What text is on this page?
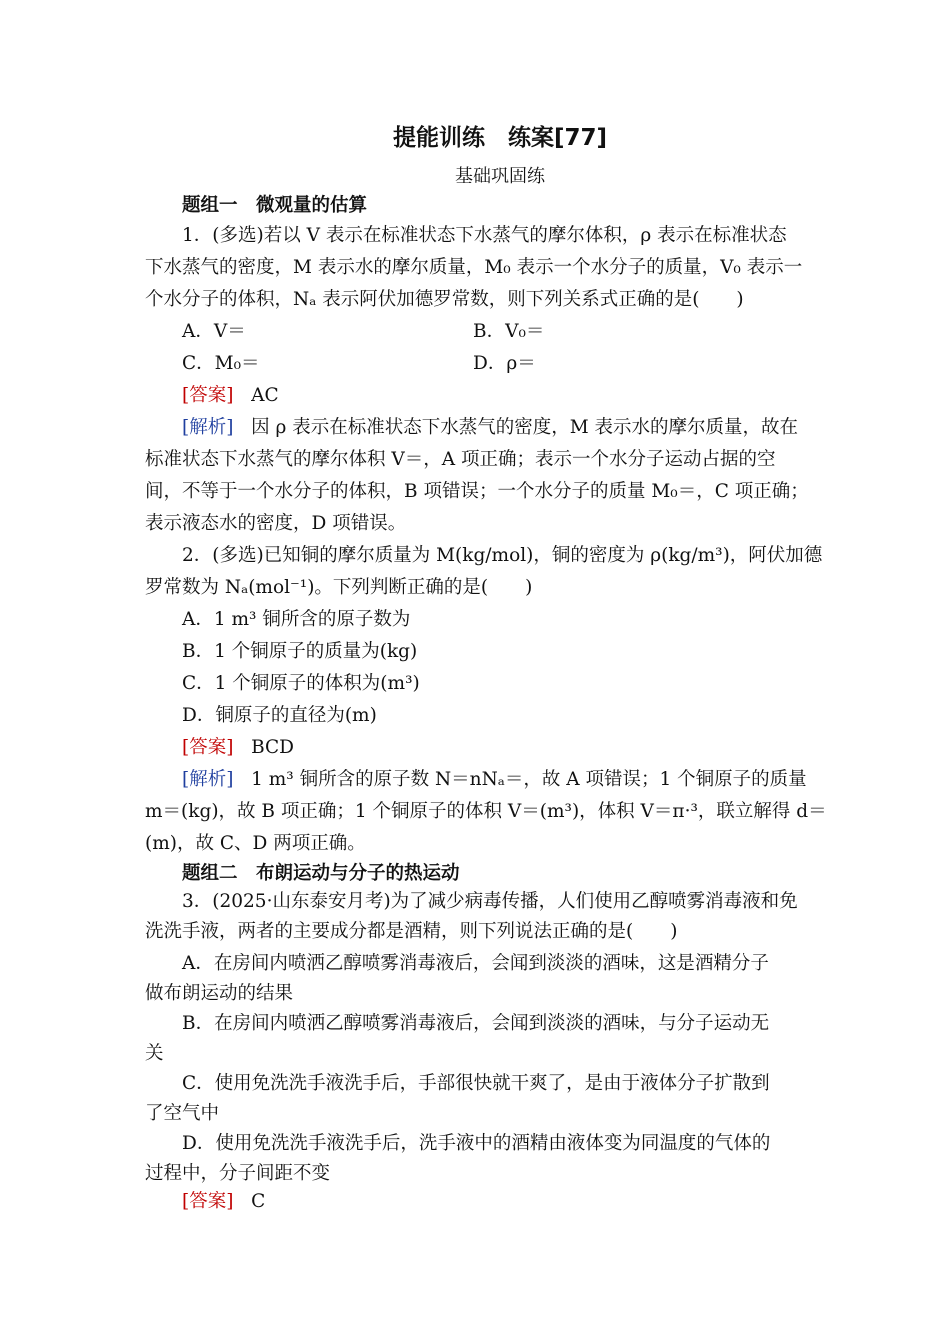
提能训练　练案[77]
基础巩固练
题组一　微观量的估算
1．(多选)若以 V 表示在标准状态下水蒸气的摩尔体积，ρ 表示在标准状态
下水蒸气的密度，M 表示水的摩尔质量，M₀ 表示一个水分子的质量，V₀ 表示一
个水分子的体积，Nₐ 表示阿伏加德罗常数，则下列关系式正确的是(　　)
A．V＝	B．V₀＝
C．M₀＝	D．ρ＝
[答案] AC
[解析] 因 ρ 表示在标准状态下水蒸气的密度，M 表示水的摩尔质量，故在
标准状态下水蒸气的摩尔体积 V＝，A 项正确；表示一个水分子运动占据的空
间，不等于一个水分子的体积，B 项错误；一个水分子的质量 M₀＝，C 项正确；
表示液态水的密度，D 项错误。
2．(多选)已知铜的摩尔质量为 M(kg/mol)，铜的密度为 ρ(kg/m³)，阿伏加德
罗常数为 Nₐ(mol⁻¹)。下列判断正确的是(　　)
A．1 m³ 铜所含的原子数为
B．1 个铜原子的质量为(kg)
C．1 个铜原子的体积为(m³)
D．铜原子的直径为(m)
[答案] BCD
[解析] 1 m³ 铜所含的原子数 N＝nNₐ＝，故 A 项错误；1 个铜原子的质量
m＝(kg)，故 B 项正确；1 个铜原子的体积 V＝(m³)，体积 V＝π·³，联立解得 d＝
(m)，故 C、D 两项正确。
题组二　布朗运动与分子的热运动
3．(2025·山东泰安月考)为了减少病毒传播，人们使用乙醇喷雾消毒液和免
洗洗手液，两者的主要成分都是酒精，则下列说法正确的是(　　)
A．在房间内喷洒乙醇喷雾消毒液后，会闻到淡淡的酒味，这是酒精分子
做布朗运动的结果
B．在房间内喷洒乙醇喷雾消毒液后，会闻到淡淡的酒味，与分子运动无
关
C．使用免洗洗手液洗手后，手部很快就干爽了，是由于液体分子扩散到
了空气中
D．使用免洗洗手液洗手后，洗手液中的酒精由液体变为同温度的气体的
过程中，分子间距不变
[答案] C
